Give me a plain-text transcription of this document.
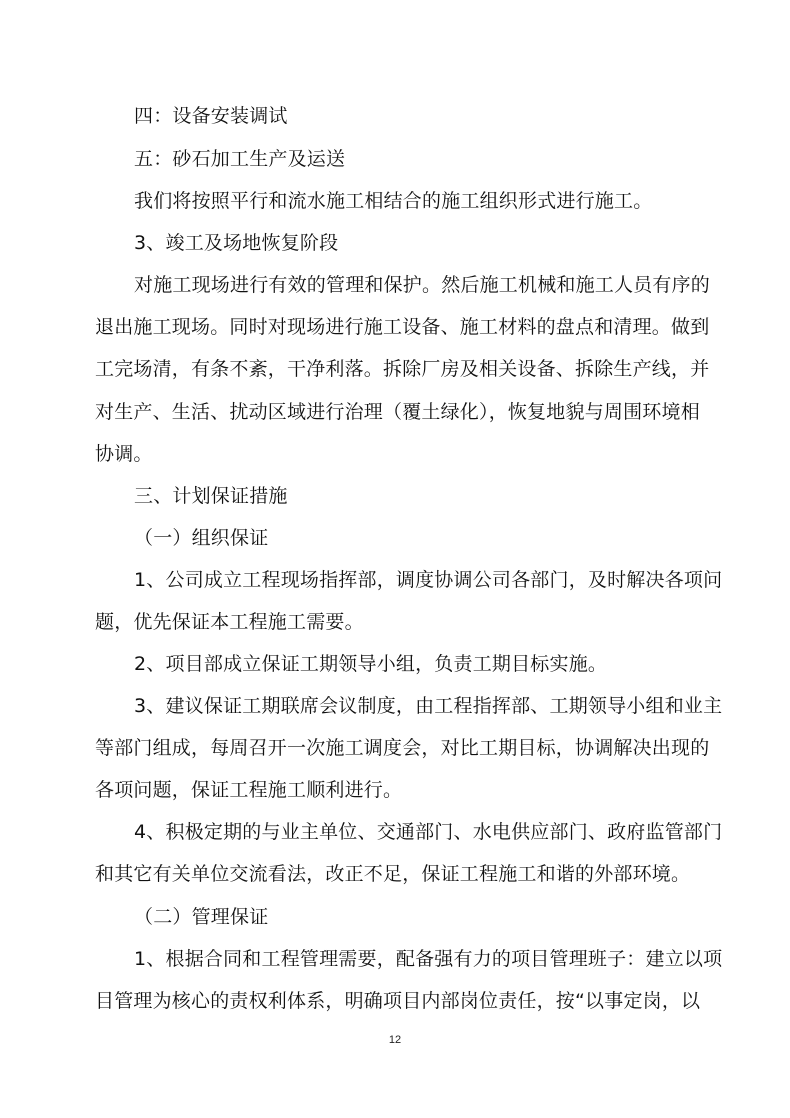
四：设备安装调试
五：砂石加工生产及运送
我们将按照平行和流水施工相结合的施工组织形式进行施工。
3、竣工及场地恢复阶段
对施工现场进行有效的管理和保护。然后施工机械和施工人员有序的
退出施工现场。同时对现场进行施工设备、施工材料的盘点和清理。做到
工完场清，有条不紊，干净利落。拆除厂房及相关设备、拆除生产线，并
对生产、生活、扰动区域进行治理（覆土绿化），恢复地貌与周围环境相
协调。
三、计划保证措施
（一）组织保证
1、公司成立工程现场指挥部，调度协调公司各部门，及时解决各项问
题，优先保证本工程施工需要。
2、项目部成立保证工期领导小组，负责工期目标实施。
3、建议保证工期联席会议制度，由工程指挥部、工期领导小组和业主
等部门组成，每周召开一次施工调度会，对比工期目标，协调解决出现的
各项问题，保证工程施工顺利进行。
4、积极定期的与业主单位、交通部门、水电供应部门、政府监管部门
和其它有关单位交流看法，改正不足，保证工程施工和谐的外部环境。
（二）管理保证
1、根据合同和工程管理需要，配备强有力的项目管理班子：建立以项
目管理为核心的责权利体系，明确项目内部岗位责任，按“以事定岗，以
12
